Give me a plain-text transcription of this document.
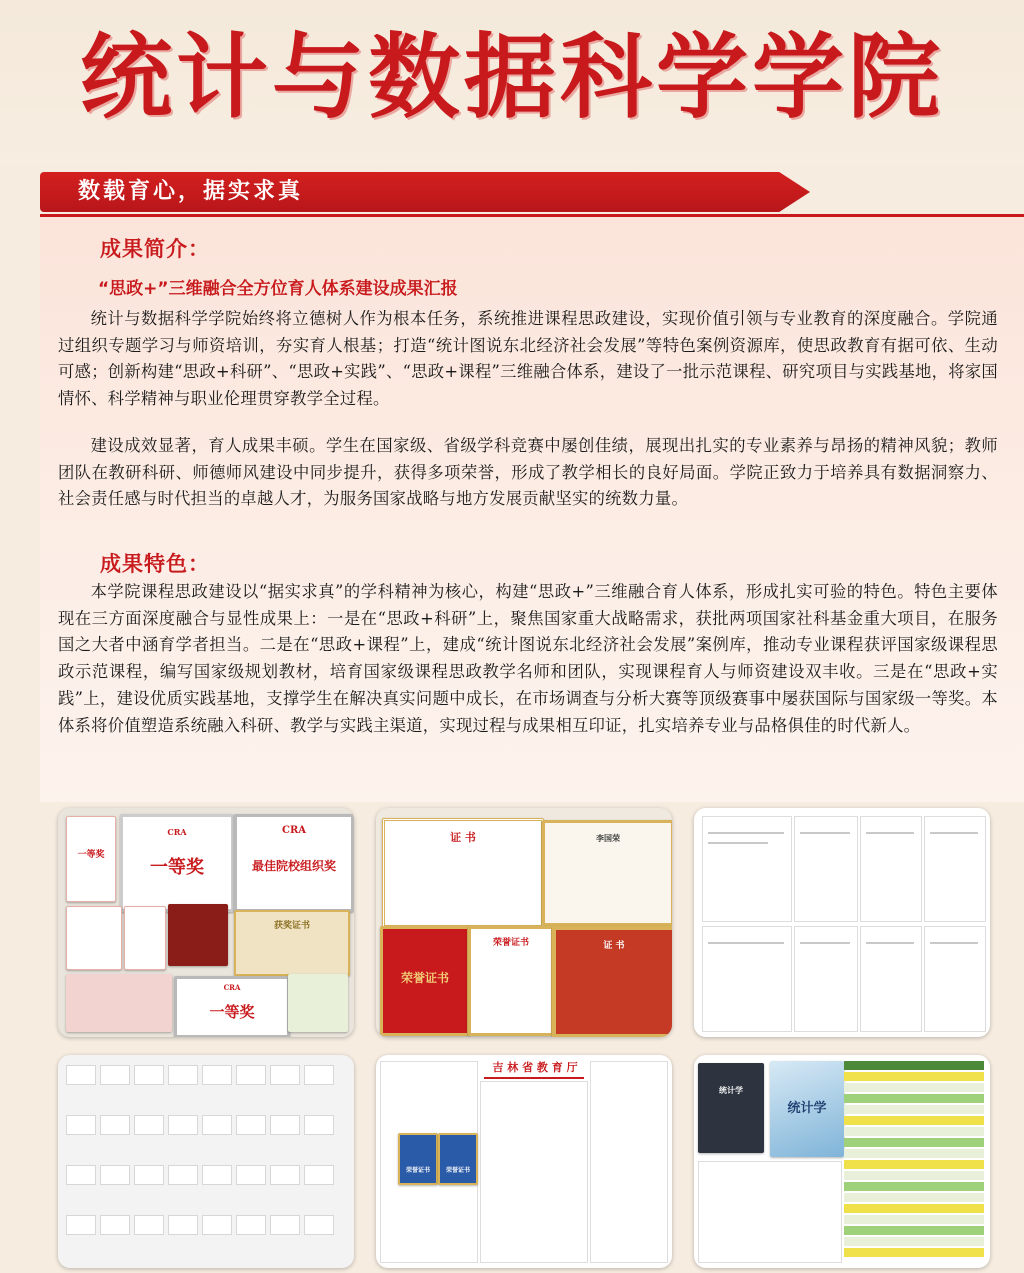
统计与数据科学学院
数载育心，据实求真
成果简介：
“思政+”三维融合全方位育人体系建设成果汇报

统计与数据科学学院始终将立德树人作为根本任务，系统推进课程思政建设，实现价值引领与专业教育的深度融合。学院通过组织专题学习与师资培训，夯实育人根基；打造“统计图说东北经济社会发展”等特色案例资源库，使思政教育有据可依、生动可感；创新构建“思政+科研”、“思政+实践”、“思政+课程”三维融合体系，建设了一批示范课程、研究项目与实践基地，将家国情怀、科学精神与职业伦理贯穿教学全过程。

建设成效显著，育人成果丰硕。学生在国家级、省级学科竞赛中屡创佳绩，展现出扎实的专业素养与昂扬的精神风貌；教师团队在教研科研、师德师风建设中同步提升，获得多项荣誉，形成了教学相长的良好局面。学院正致力于培养具有数据洞察力、社会责任感与时代担当的卓越人才，为服务国家战略与地方发展贡献坚实的统数力量。

成果特色：

本学院课程思政建设以“据实求真”的学科精神为核心，构建“思政+”三维融合育人体系，形成扎实可验的特色。特色主要体现在三方面深度融合与显性成果上：一是在“思政+科研”上，聚焦国家重大战略需求，获批两项国家社科基金重大项目，在服务国之大者中涵育学者担当。二是在“思政+课程”上，建成“统计图说东北经济社会发展”案例库，推动专业课程获评国家级课程思政示范课程，编写国家级规划教材，培育国家级课程思政教学名师和团队，实现课程育人与师资建设双丰收。三是在“思政+实践”上，建设优质实践基地，支撑学生在解决真实问题中成长，在市场调查与分析大赛等顶级赛事中屡获国际与国家级一等奖。本体系将价值塑造系统融入科研、教学与实践主渠道，实现过程与成果相互印证，扎实培养专业与品格俱佳的时代新人。

一等奖
CRA
一等奖
CRA
最佳院校组织奖
获奖证书
CRA
一等奖
证 书	李国荣
荣誉证书
荣誉证书	证 书
吉 林 省 教 育 厅
荣誉证书	荣誉证书
统计学
统计学
